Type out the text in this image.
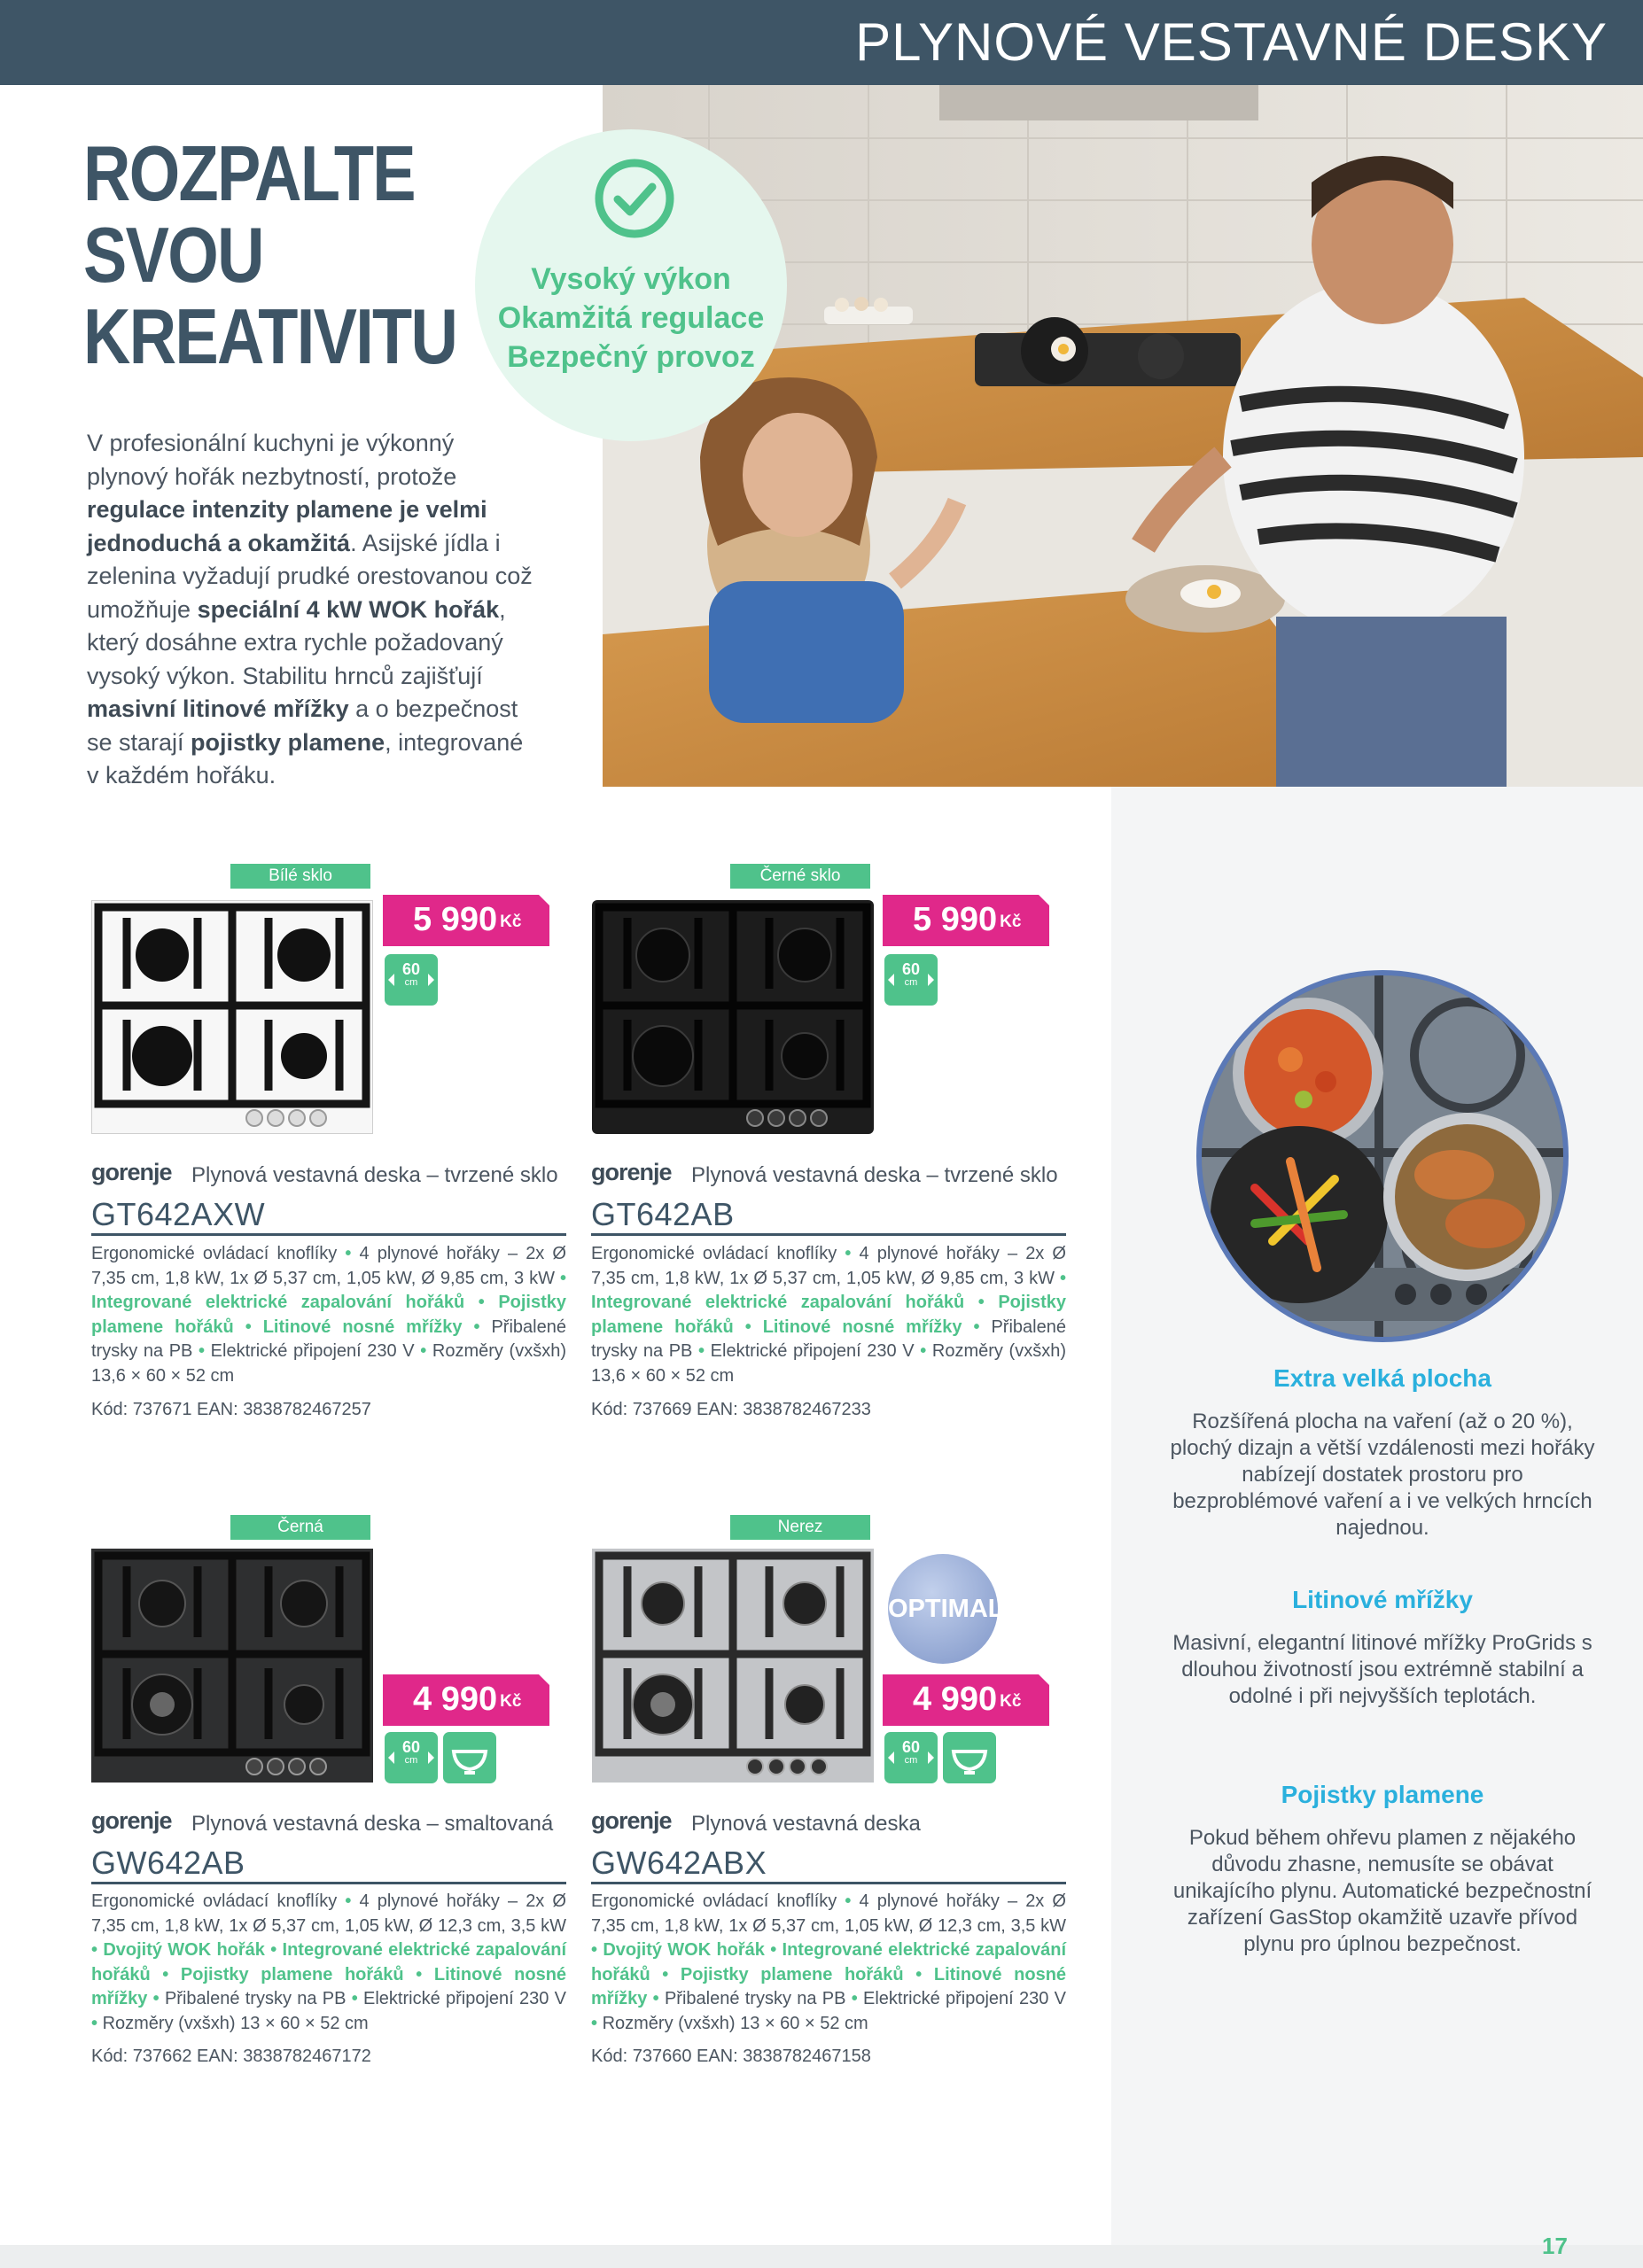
PLYNOVÉ VESTAVNÉ DESKY
Vysoký výkon
Okamžitá regulace
Bezpečný provoz
ROZPALTE
SVOU
KREATIVITU
V profesionální kuchyni je výkonný plynový hořák nezbytností, protože regulace intenzity plamene je velmi jednoduchá a okamžitá. Asijské jídla i zelenina vyžadují prudké orestovanou což umožňuje speciální 4 kW WOK hořák, který dosáhne extra rychle požadovaný vysoký výkon. Stabilitu hrnců zajišťují masivní litinové mřížky a o bezpečnost se starají pojistky plamene, integrované v každém hořáku.
Extra velká plocha
Rozšířená plocha na vaření (až o 20 %), plochý dizajn a větší vzdálenosti mezi hořáky nabízejí dostatek prostoru pro bezproblémové vaření a i ve velkých hrncích najednou.
Litinové mřížky
Masivní, elegantní litinové mřížky ProGrids s dlouhou životností jsou extrémně stabilní a odolné i při nejvyšších teplotách.
Pojistky plamene
Pokud během ohřevu plamen z nějakého důvodu zhasne, nemusíte se obávat unikajícího plynu. Automatické bezpečnostní zařízení GasStop okamžitě uzavře přívod plynu pro úplnou bezpečnost.
Bílé sklo
5 990 Kč
60
cm
gorenje Plynová vestavná deska – tvrzené sklo
GT642AXW
Ergonomické ovládací knoflíky • 4 plynové hořáky – 2x Ø 7,35 cm, 1,8 kW, 1x Ø 5,37 cm, 1,05 kW, Ø 9,85 cm, 3 kW • Integrované elektrické zapalování hořáků • Pojistky plamene hořáků • Litinové nosné mřížky • Přibalené trysky na PB • Elektrické připojení 230 V • Rozměry (vxšxh) 13,6 × 60 × 52 cm
Kód: 737671 EAN: 3838782467257
Černé sklo
5 990 Kč
60
cm
gorenje Plynová vestavná deska – tvrzené sklo
GT642AB
Ergonomické ovládací knoflíky • 4 plynové hořáky – 2x Ø 7,35 cm, 1,8 kW, 1x Ø 5,37 cm, 1,05 kW, Ø 9,85 cm, 3 kW • Integrované elektrické zapalování hořáků • Pojistky plamene hořáků • Litinové nosné mřížky • Přibalené trysky na PB • Elektrické připojení 230 V • Rozměry (vxšxh) 13,6 × 60 × 52 cm
Kód: 737669 EAN: 3838782467233
Černá
4 990 Kč
60
cm
gorenje Plynová vestavná deska – smaltovaná
GW642AB
Ergonomické ovládací knoflíky • 4 plynové hořáky – 2x Ø 7,35 cm, 1,8 kW, 1x Ø 5,37 cm, 1,05 kW, Ø 12,3 cm, 3,5 kW • Dvojitý WOK hořák • Integrované elektrické zapalování hořáků • Pojistky plamene hořáků • Litinové nosné mřížky • Přibalené trysky na PB • Elektrické připojení 230 V • Rozměry (vxšxh) 13 × 60 × 52 cm
Kód: 737662 EAN: 3838782467172
Nerez
OPTIMAL
4 990 Kč
60
cm
gorenje Plynová vestavná deska
GW642ABX
Ergonomické ovládací knoflíky • 4 plynové hořáky – 2x Ø 7,35 cm, 1,8 kW, 1x Ø 5,37 cm, 1,05 kW, Ø 12,3 cm, 3,5 kW • Dvojitý WOK hořák • Integrované elektrické zapalování hořáků • Pojistky plamene hořáků • Litinové nosné mřížky • Přibalené trysky na PB • Elektrické připojení 230 V • Rozměry (vxšxh) 13 × 60 × 52 cm
Kód: 737660 EAN: 3838782467158
17
